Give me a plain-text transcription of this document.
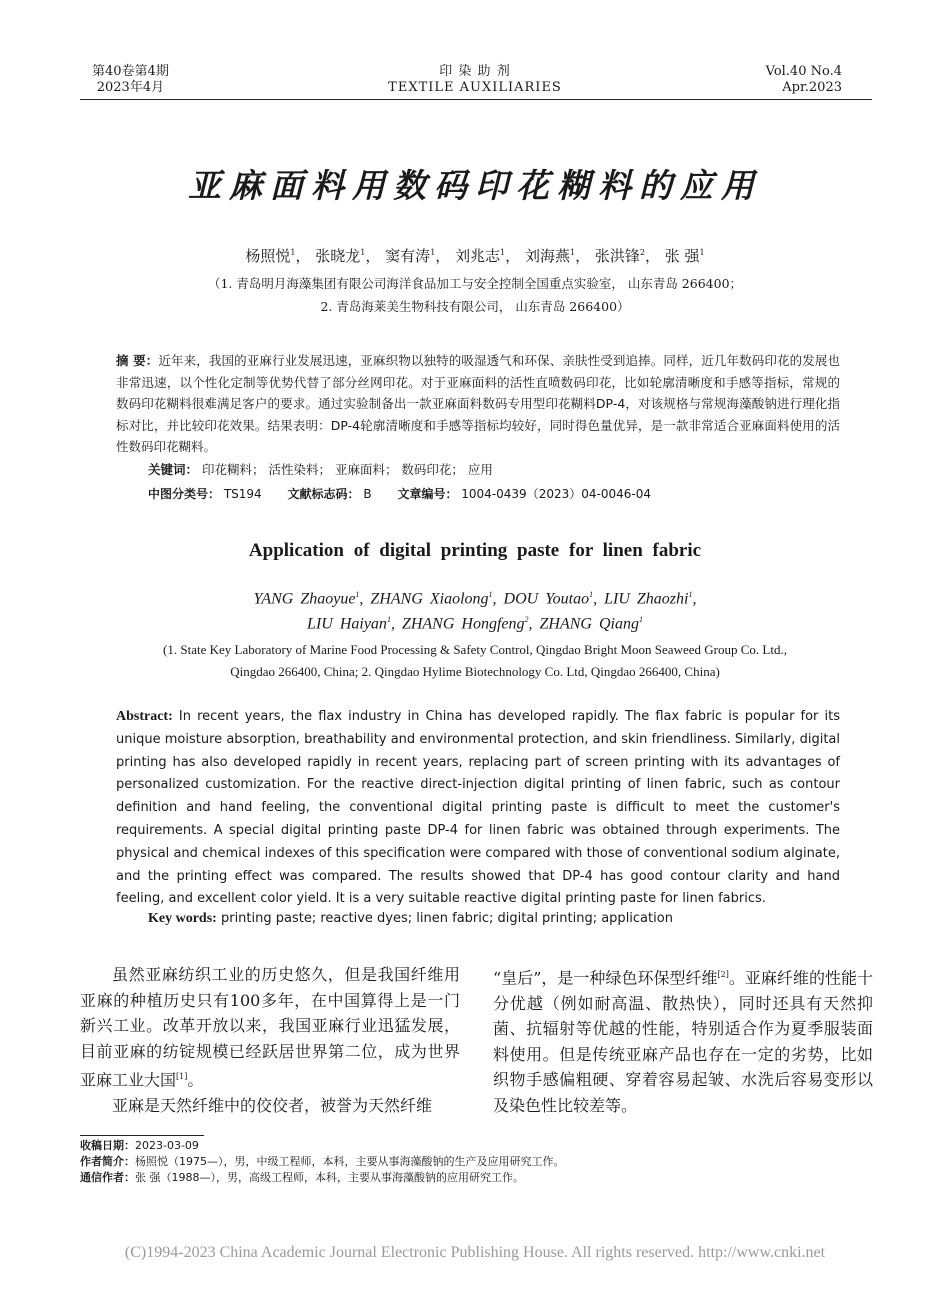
第40卷第4期
2023年4月
印 染 助 剂
TEXTILE AUXILIARIES
Vol.40 No.4
Apr.2023
亚麻面料用数码印花糊料的应用
杨照悦$^1$， 张晓龙$^1$， 窦有涛$^1$， 刘兆志$^1$， 刘海燕$^1$， 张洪锋$^2$， 张 强$^1$
（1. 青岛明月海藻集团有限公司海洋食品加工与安全控制全国重点实验室， 山东青岛 266400；
2. 青岛海莱美生物科技有限公司， 山东青岛 266400）
摘 要：近年来，我国的亚麻行业发展迅速，亚麻织物以独特的吸湿透气和环保、亲肤性受到追捧。同样，近几年数码印花的发展也非常迅速，以个性化定制等优势代替了部分丝网印花。对于亚麻面料的活性直喷数码印花，比如轮廓清晰度和手感等指标，常规的数码印花糊料很难满足客户的要求。通过实验制备出一款亚麻面料数码专用型印花糊料DP-4，对该规格与常规海藻酸钠进行理化指标对比，并比较印花效果。结果表明：DP-4轮廓清晰度和手感等指标均较好，同时得色量优异，是一款非常适合亚麻面料使用的活性数码印花糊料。
关键词： 印花糊料； 活性染料； 亚麻面料； 数码印花； 应用
中图分类号： TS194 文献标志码： B 文章编号： 1004-0439（2023）04-0046-04
Application of digital printing paste for linen fabric
YANG Zhaoyue$^1$, ZHANG Xiaolong$^1$, DOU Youtao$^1$, LIU Zhaozhi$^1$,
LIU Haiyan$^1$, ZHANG Hongfeng$^2$, ZHANG Qiang$^1$
(1. State Key Laboratory of Marine Food Processing & Safety Control, Qingdao Bright Moon Seaweed Group Co. Ltd.,
Qingdao 266400, China; 2. Qingdao Hylime Biotechnology Co. Ltd, Qingdao 266400, China)
Abstract: In recent years, the flax industry in China has developed rapidly. The flax fabric is popular for its unique moisture absorption, breathability and environmental protection, and skin friendliness. Similarly, digital printing has also developed rapidly in recent years, replacing part of screen printing with its advantages of personalized customization. For the reactive direct-injection digital printing of linen fabric, such as contour definition and hand feeling, the conventional digital printing paste is difficult to meet the customer's requirements. A special digital printing paste DP-4 for linen fabric was obtained through experiments. The physical and chemical indexes of this specification were compared with those of conventional sodium alginate, and the printing effect was compared. The results showed that DP-4 has good contour clarity and hand feeling, and excellent color yield. It is a very suitable reactive digital printing paste for linen fabrics.
Key words: printing paste; reactive dyes; linen fabric; digital printing; application

虽然亚麻纺织工业的历史悠久，但是我国纤维用亚麻的种植历史只有100多年，在中国算得上是一门新兴工业。改革开放以来，我国亚麻行业迅猛发展，目前亚麻的纺锭规模已经跃居世界第二位，成为世界亚麻工业大国[1]。

亚麻是天然纤维中的佼佼者，被誉为天然纤维

“皇后”，是一种绿色环保型纤维[2]。亚麻纤维的性能十分优越（例如耐高温、散热快），同时还具有天然抑菌、抗辐射等优越的性能，特别适合作为夏季服装面料使用。但是传统亚麻产品也存在一定的劣势，比如织物手感偏粗硬、穿着容易起皱、水洗后容易变形以及染色性比较差等。

收稿日期：2023-03-09
作者简介：杨照悦（1975—），男，中级工程师，本科，主要从事海藻酸钠的生产及应用研究工作。
通信作者：张 强（1988—），男，高级工程师，本科，主要从事海藻酸钠的应用研究工作。
(C)1994-2023 China Academic Journal Electronic Publishing House. All rights reserved. http://www.cnki.net
